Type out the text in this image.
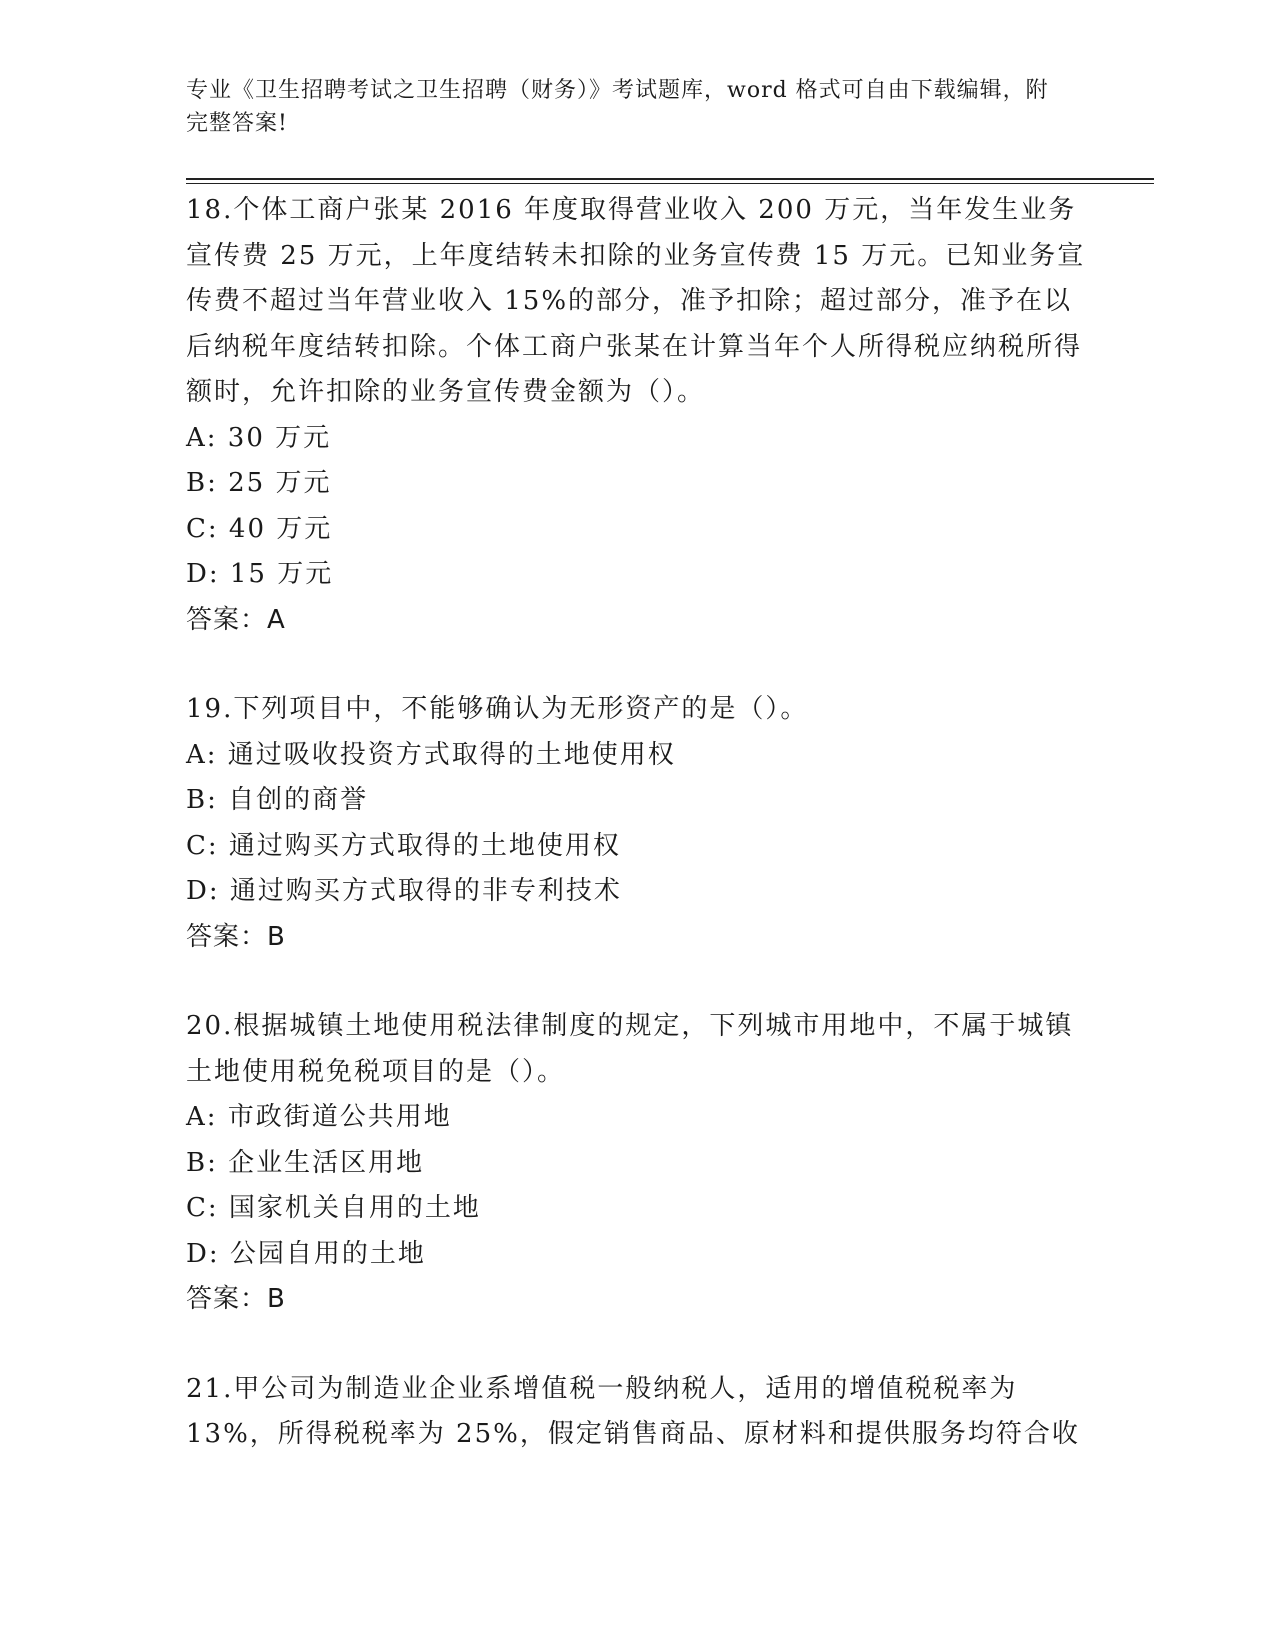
专业《卫生招聘考试之卫生招聘（财务）》考试题库，word 格式可自由下载编辑，附完整答案!

18.个体工商户张某 2016 年度取得营业收入 200 万元，当年发生业务宣传费 25 万元，上年度结转未扣除的业务宣传费 15 万元。已知业务宣传费不超过当年营业收入 15%的部分，准予扣除；超过部分，准予在以后纳税年度结转扣除。个体工商户张某在计算当年个人所得税应纳税所得额时，允许扣除的业务宣传费金额为（）。

A: 30 万元

B: 25 万元

C: 40 万元

D: 15 万元

答案：A

19.下列项目中，不能够确认为无形资产的是（）。

A: 通过吸收投资方式取得的土地使用权

B: 自创的商誉

C: 通过购买方式取得的土地使用权

D: 通过购买方式取得的非专利技术

答案：B

20.根据城镇土地使用税法律制度的规定，下列城市用地中，不属于城镇土地使用税免税项目的是（）。

A: 市政街道公共用地

B: 企业生活区用地

C: 国家机关自用的土地

D: 公园自用的土地

答案：B

21.甲公司为制造业企业系增值税一般纳税人，适用的增值税税率为 13%，所得税税率为 25%，假定销售商品、原材料和提供服务均符合收
